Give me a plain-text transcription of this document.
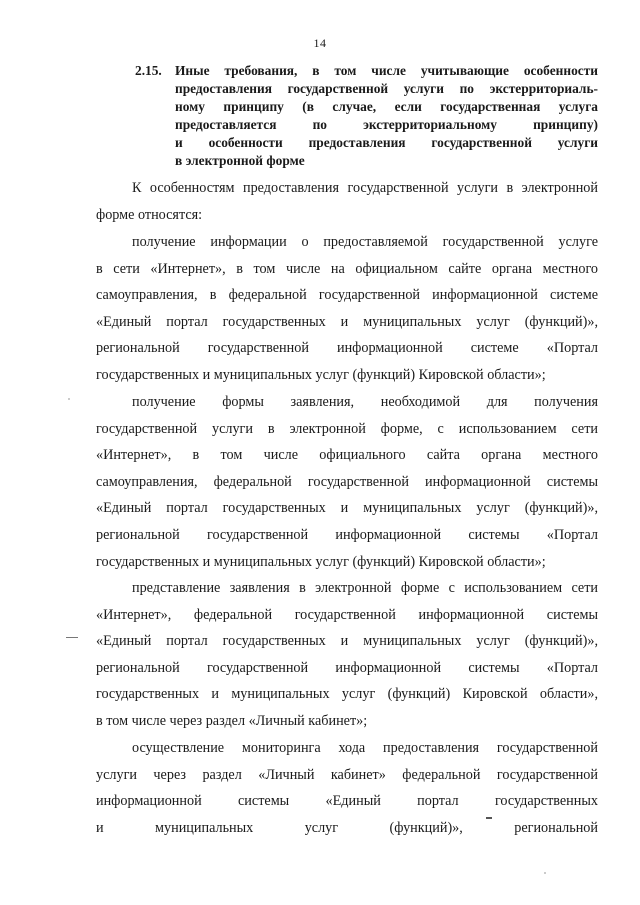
14
2.15. Иные требования, в том числе учитывающие особенности
предоставления государственной услуги по экстерриториаль-
ному принципу (в случае, если государственная услуга
предоставляется по экстерриториальному принципу)
и особенности предоставления государственной услуги
в электронной форме
К особенностям предоставления государственной услуги в электронной
форме относятся:
получение информации о предоставляемой государственной услуге
в сети «Интернет», в том числе на официальном сайте органа местного
самоуправления, в федеральной государственной информационной системе
«Единый портал государственных и муниципальных услуг (функций)»,
региональной государственной информационной системе «Портал
государственных и муниципальных услуг (функций) Кировской области»;
получение формы заявления, необходимой для получения
государственной услуги в электронной форме, с использованием сети
«Интернет», в том числе официального сайта органа местного
самоуправления, федеральной государственной информационной системы
«Единый портал государственных и муниципальных услуг (функций)»,
региональной государственной информационной системы «Портал
государственных и муниципальных услуг (функций) Кировской области»;
представление заявления в электронной форме с использованием сети
«Интернет», федеральной государственной информационной системы
«Единый портал государственных и муниципальных услуг (функций)»,
региональной государственной информационной системы «Портал
государственных и муниципальных услуг (функций) Кировской области»,
в том числе через раздел «Личный кабинет»;
осуществление мониторинга хода предоставления государственной
услуги через раздел «Личный кабинет» федеральной государственной
информационной системы «Единый портал государственных
и муниципальных услуг (функций)», региональной
